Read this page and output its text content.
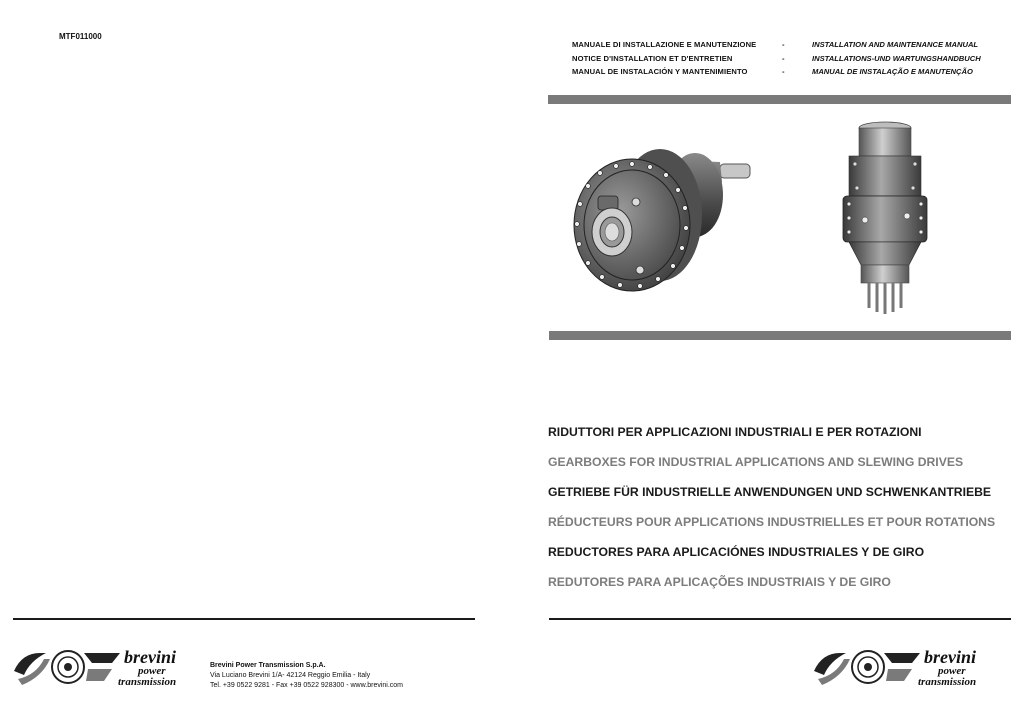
MTF011000
MANUALE DI INSTALLAZIONE E MANUTENZIONE	-	INSTALLATION AND MAINTENANCE MANUAL
NOTICE D'INSTALLATION ET D'ENTRETIEN	-	INSTALLATIONS-UND WARTUNGSHANDBUCH
MANUAL DE INSTALACIÓN Y MANTENIMIENTO	-	MANUAL DE INSTALAÇÃO E MANUTENÇÃO
RIDUTTORI PER APPLICAZIONI INDUSTRIALI E PER ROTAZIONI
GEARBOXES FOR INDUSTRIAL APPLICATIONS AND SLEWING DRIVES
GETRIEBE FÜR INDUSTRIELLE ANWENDUNGEN UND SCHWENKANTRIEBE
RÉDUCTEURS POUR APPLICATIONS INDUSTRIELLES ET POUR ROTATIONS
REDUCTORES PARA APLICACIÓNES INDUSTRIALES Y DE GIRO
REDUTORES PARA APLICAÇÕES INDUSTRIAIS Y DE GIRO
brevini
power
transmission
Brevini Power Transmission S.p.A.
Via Luciano Brevini 1/A- 42124 Reggio Emilia - Italy
Tel. +39 0522 9281 - Fax +39 0522 928300 - www.brevini.com
brevini
power
transmission
